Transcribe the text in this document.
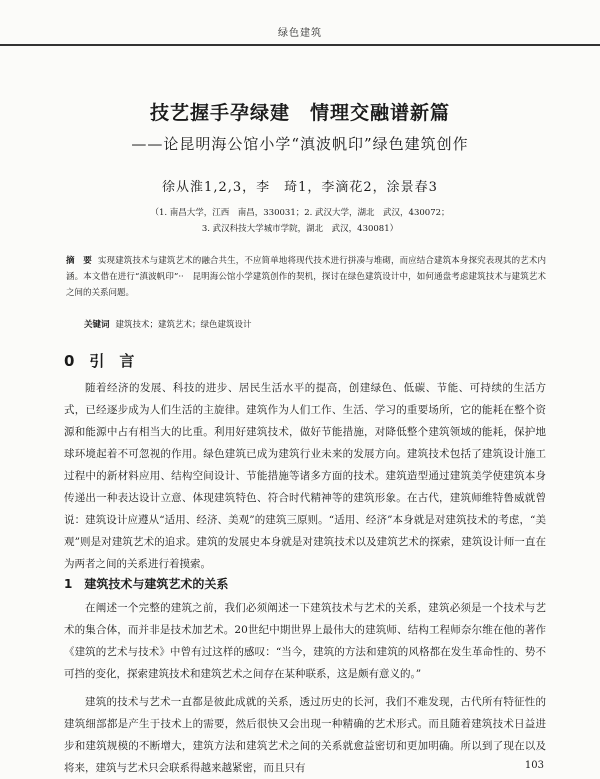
绿色建筑
技艺握手孕绿建　情理交融谱新篇
——论昆明海公馆小学“滇波帆印”绿色建筑创作
徐从淮1,2,3，李　琦1，李滴花2，涂景春3
（1. 南昌大学，江西　南昌，330031；2. 武汉大学，湖北　武汉，430072；
3. 武汉科技大学城市学院，湖北　武汉，430081）
摘　要 实现建筑技术与建筑艺术的融合共生，不应简单地将现代技术进行拼凑与堆砌，而应结合建筑本身探究表现其的艺术内涵。本文借在进行“滇波帆印”··　昆明海公馆小学建筑创作的契机，探讨在绿色建筑设计中，如何通盘考虑建筑技术与建筑艺术之间的关系问题。
关键词 建筑技术；建筑艺术；绿色建筑设计
0　引　言
随着经济的发展、科技的进步、居民生活水平的提高，创建绿色、低碳、节能、可持续的生活方式，已经逐步成为人们生活的主旋律。建筑作为人们工作、生活、学习的重要场所，它的能耗在整个资源和能源中占有相当大的比重。利用好建筑技术，做好节能措施，对降低整个建筑领域的能耗，保护地球环境起着不可忽视的作用。绿色建筑已成为建筑行业未来的发展方向。建筑技术包括了建筑设计施工过程中的新材料应用、结构空间设计、节能措施等诸多方面的技术。建筑造型通过建筑美学使建筑本身传递出一种表达设计立意、体现建筑特色、符合时代精神等的建筑形象。在古代，建筑师维特鲁威就曾说：建筑设计应遵从“适用、经济、美观”的建筑三原则。“适用、经济”本身就是对建筑技术的考虑，“美观”则是对建筑艺术的追求。建筑的发展史本身就是对建筑技术以及建筑艺术的探索，建筑设计师一直在为两者之间的关系进行着摸索。
1　建筑技术与建筑艺术的关系
在阐述一个完整的建筑之前，我们必须阐述一下建筑技术与艺术的关系，建筑必须是一个技术与艺术的集合体，而并非是技术加艺术。20世纪中期世界上最伟大的建筑师、结构工程师奈尔维在他的著作《建筑的艺术与技术》中曾有过这样的感叹：“当今，建筑的方法和建筑的风格都在发生革命性的、势不可挡的变化，探索建筑技术和建筑艺术之间存在某种联系，这是颇有意义的。”
建筑的技术与艺术一直都是彼此成就的关系，透过历史的长河，我们不难发现，古代所有特征性的建筑细部都是产生于技术上的需要，然后很快又会出现一种精确的艺术形式。而且随着建筑技术日益进步和建筑规模的不断增大，建筑方法和建筑艺术之间的关系就愈益密切和更加明确。所以到了现在以及将来，建筑与艺术只会联系得越来越紧密，而且只有	103
